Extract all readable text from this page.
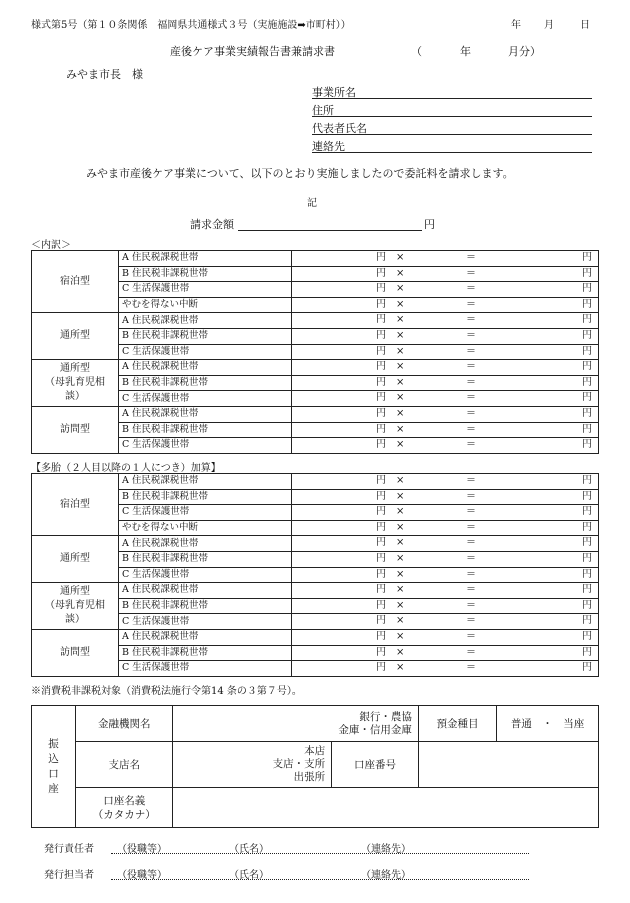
様式第5号（第１０条関係　福岡県共通様式３号（実施施設➡市町村））	年 月	日
産後ケア事業実績報告書兼請求書	（	年	月分）
みやま市長　様
事業所名
住所
代表者氏名
連絡先
みやま市産後ケア事業について、以下のとおり実施しましたので委託料を請求します。
記
請求金額	円
＜内訳＞
宿泊型	A 住民税課税世帯	円 × ＝ 円

	B 住民税非課税世帯	円 × ＝ 円

	C 生活保護世帯	円 × ＝ 円

	やむを得ない中断	円 × ＝ 円

通所型	A 住民税課税世帯	円 × ＝ 円

	B 住民税非課税世帯	円 × ＝ 円

	C 生活保護世帯	円 × ＝ 円

通所型
（母乳育児相
談）	A 住民税課税世帯	円 × ＝ 円

	B 住民税非課税世帯	円 × ＝ 円

	C 生活保護世帯	円 × ＝ 円

訪問型	A 住民税課税世帯	円 × ＝ 円

	B 住民税非課税世帯	円 × ＝ 円

	C 生活保護世帯	円 × ＝ 円
【多胎（２人目以降の１人につき）加算】
宿泊型	A 住民税課税世帯	円 × ＝ 円

	B 住民税非課税世帯	円 × ＝ 円

	C 生活保護世帯	円 × ＝ 円

	やむを得ない中断	円 × ＝ 円

通所型	A 住民税課税世帯	円 × ＝ 円

	B 住民税非課税世帯	円 × ＝ 円

	C 生活保護世帯	円 × ＝ 円

通所型
（母乳育児相
談）	A 住民税課税世帯	円 × ＝ 円

	B 住民税非課税世帯	円 × ＝ 円

	C 生活保護世帯	円 × ＝ 円

訪問型	A 住民税課税世帯	円 × ＝ 円

	B 住民税非課税世帯	円 × ＝ 円

	C 生活保護世帯	円 × ＝ 円
※消費税非課税対象（消費税法施行令第14 条の３第７号）。
振
込
口
座	金融機関名	銀行・農協
金庫・信用金庫		預金種目	普通　・　当座
	支店名	本店
支店・支所
出張所	口座番号		
	口座名義
（カタカナ）				
発行責任者 （役職等）	（氏名）	（連絡先）
発行担当者 （役職等）	（氏名）	（連絡先）
